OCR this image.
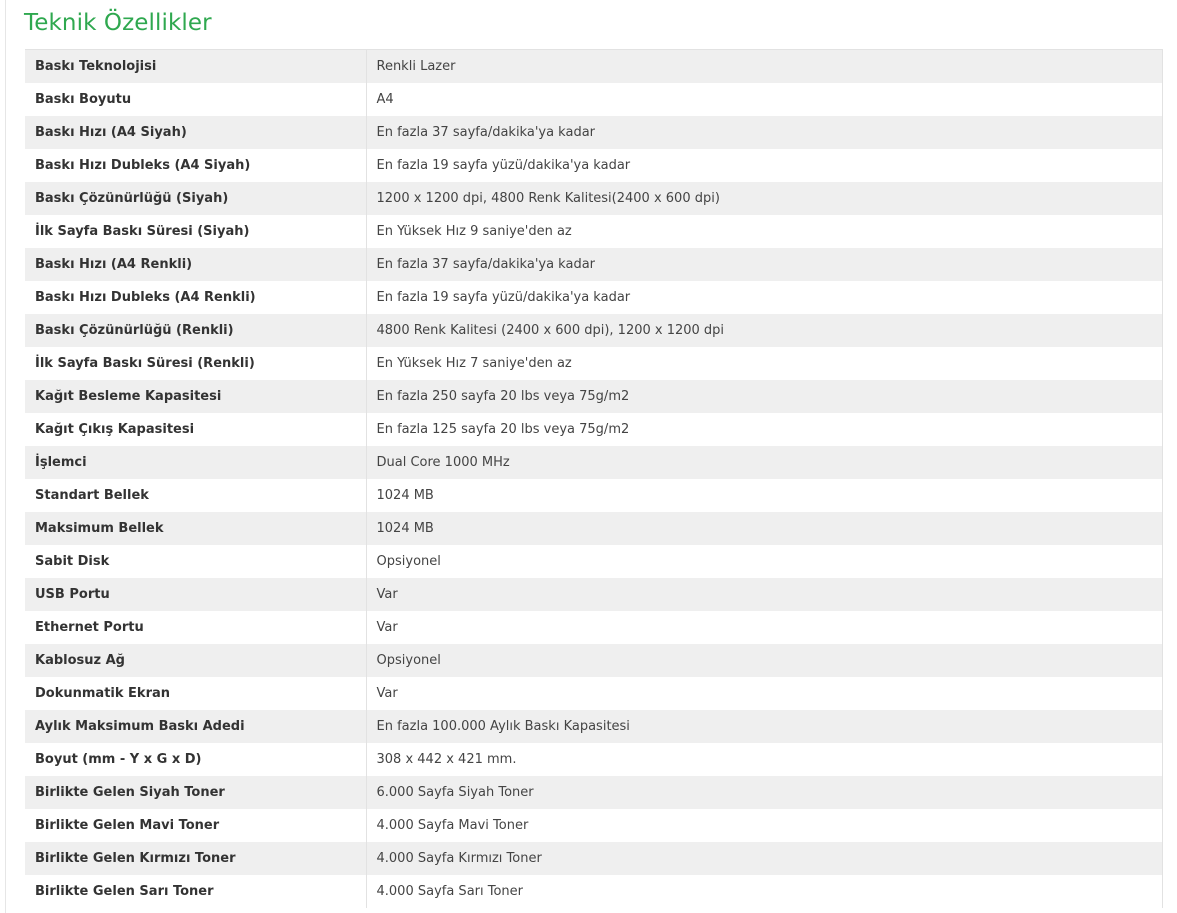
Teknik Özellikler
Baskı Teknolojisi	Renkli Lazer
Baskı Boyutu	A4
Baskı Hızı (A4 Siyah)	En fazla 37 sayfa/dakika'ya kadar
Baskı Hızı Dubleks (A4 Siyah)	En fazla 19 sayfa yüzü/dakika'ya kadar
Baskı Çözünürlüğü (Siyah)	1200 x 1200 dpi, 4800 Renk Kalitesi(2400 x 600 dpi)
İlk Sayfa Baskı Süresi (Siyah)	En Yüksek Hız 9 saniye'den az
Baskı Hızı (A4 Renkli)	En fazla 37 sayfa/dakika'ya kadar
Baskı Hızı Dubleks (A4 Renkli)	En fazla 19 sayfa yüzü/dakika'ya kadar
Baskı Çözünürlüğü (Renkli)	4800 Renk Kalitesi (2400 x 600 dpi), 1200 x 1200 dpi
İlk Sayfa Baskı Süresi (Renkli)	En Yüksek Hız 7 saniye'den az
Kağıt Besleme Kapasitesi	En fazla 250 sayfa 20 lbs veya 75g/m2
Kağıt Çıkış Kapasitesi	En fazla 125 sayfa 20 lbs veya 75g/m2
İşlemci	Dual Core 1000 MHz
Standart Bellek	1024 MB
Maksimum Bellek	1024 MB
Sabit Disk	Opsiyonel
USB Portu	Var
Ethernet Portu	Var
Kablosuz Ağ	Opsiyonel
Dokunmatik Ekran	Var
Aylık Maksimum Baskı Adedi	En fazla 100.000 Aylık Baskı Kapasitesi
Boyut (mm - Y x G x D)	308 x 442 x 421 mm.
Birlikte Gelen Siyah Toner	6.000 Sayfa Siyah Toner
Birlikte Gelen Mavi Toner	4.000 Sayfa Mavi Toner
Birlikte Gelen Kırmızı Toner	4.000 Sayfa Kırmızı Toner
Birlikte Gelen Sarı Toner	4.000 Sayfa Sarı Toner
